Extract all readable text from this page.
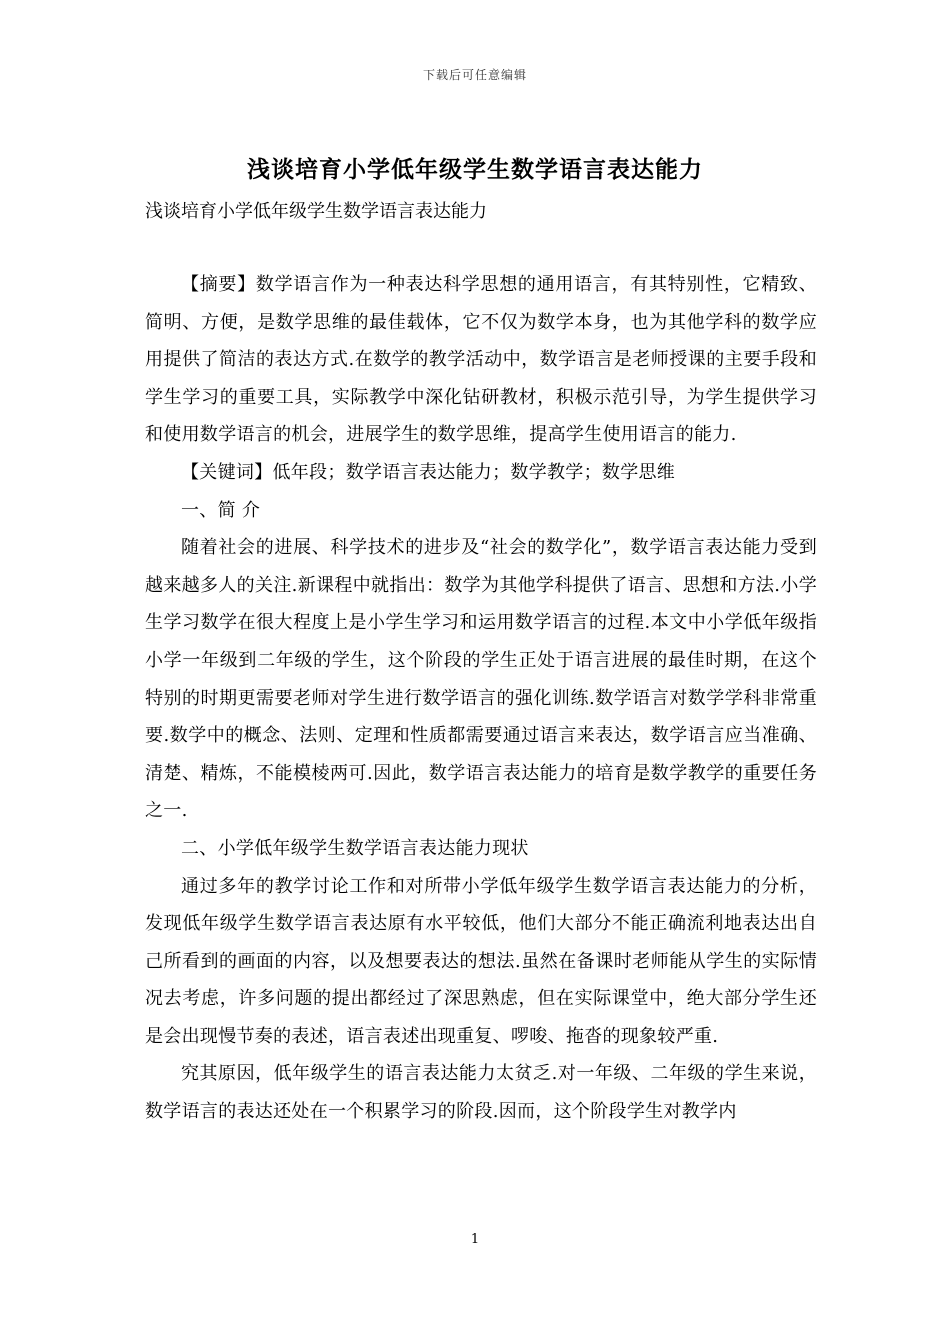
下载后可任意编辑
浅谈培育小学低年级学生数学语言表达能力

浅谈培育小学低年级学生数学语言表达能力

【摘要】数学语言作为一种表达科学思想的通用语言，有其特别性，它精致、简明、方便，是数学思维的最佳载体，它不仅为数学本身，也为其他学科的数学应用提供了简洁的表达方式.在数学的教学活动中，数学语言是老师授课的主要手段和学生学习的重要工具，实际教学中深化钻研教材，积极示范引导，为学生提供学习和使用数学语言的机会，进展学生的数学思维，提高学生使用语言的能力.

【关键词】低年段；数学语言表达能力；数学教学；数学思维

一、简 介

随着社会的进展、科学技术的进步及“社会的数学化”，数学语言表达能力受到越来越多人的关注.新课程中就指出：数学为其他学科提供了语言、思想和方法.小学生学习数学在很大程度上是小学生学习和运用数学语言的过程.本文中小学低年级指小学一年级到二年级的学生，这个阶段的学生正处于语言进展的最佳时期，在这个特别的时期更需要老师对学生进行数学语言的强化训练.数学语言对数学学科非常重要.数学中的概念、法则、定理和性质都需要通过语言来表达，数学语言应当准确、清楚、精炼，不能模棱两可.因此，数学语言表达能力的培育是数学教学的重要任务之一.

二、小学低年级学生数学语言表达能力现状

通过多年的教学讨论工作和对所带小学低年级学生数学语言表达能力的分析，发现低年级学生数学语言表达原有水平较低，他们大部分不能正确流利地表达出自己所看到的画面的内容，以及想要表达的想法.虽然在备课时老师能从学生的实际情况去考虑，许多问题的提出都经过了深思熟虑，但在实际课堂中，绝大部分学生还是会出现慢节奏的表述，语言表述出现重复、啰唆、拖沓的现象较严重.

究其原因，低年级学生的语言表达能力太贫乏.对一年级、二年级的学生来说，数学语言的表达还处在一个积累学习的阶段.因而，这个阶段学生对教学内

1
